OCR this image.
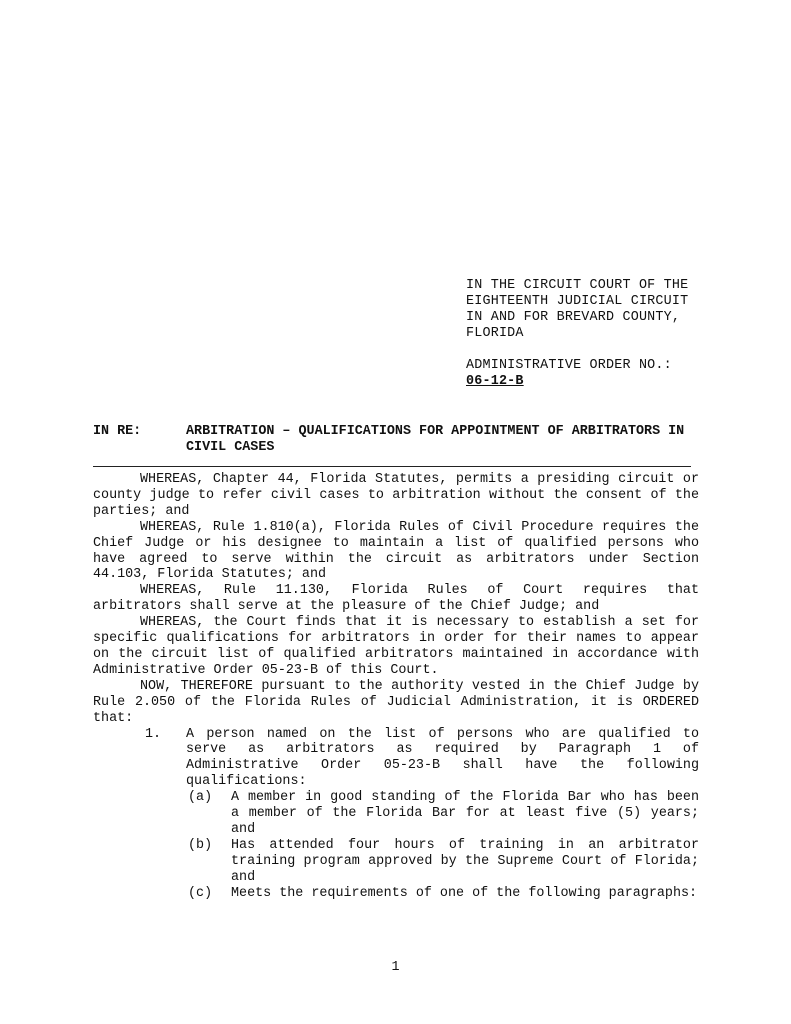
IN THE CIRCUIT COURT OF THE
EIGHTEENTH JUDICIAL CIRCUIT
IN AND FOR BREVARD COUNTY,
FLORIDA
ADMINISTRATIVE ORDER NO.:
06-12-B
IN RE:	ARBITRATION – QUALIFICATIONS FOR APPOINTMENT OF ARBITRATORS IN CIVIL CASES

WHEREAS, Chapter 44, Florida Statutes, permits a presiding circuit or county judge to refer civil cases to arbitration without the consent of the parties; and

WHEREAS, Rule 1.810(a), Florida Rules of Civil Procedure requires the Chief Judge or his designee to maintain a list of qualified persons who have agreed to serve within the circuit as arbitrators under Section 44.103, Florida Statutes; and

WHEREAS, Rule 11.130, Florida Rules of Court requires that arbitrators shall serve at the pleasure of the Chief Judge; and

WHEREAS, the Court finds that it is necessary to establish a set for specific qualifications for arbitrators in order for their names to appear on the circuit list of qualified arbitrators maintained in accordance with Administrative Order 05-23-B of this Court.

NOW, THEREFORE pursuant to the authority vested in the Chief Judge by Rule 2.050 of the Florida Rules of Judicial Administration, it is ORDERED that:

1. A person named on the list of persons who are qualified to serve as arbitrators as required by Paragraph 1 of Administrative Order 05-23-B shall have the following qualifications:
(a) A member in good standing of the Florida Bar who has been a member of the Florida Bar for at least five (5) years; and
(b) Has attended four hours of training in an arbitrator training program approved by the Supreme Court of Florida; and
(c) Meets the requirements of one of the following paragraphs:
1
